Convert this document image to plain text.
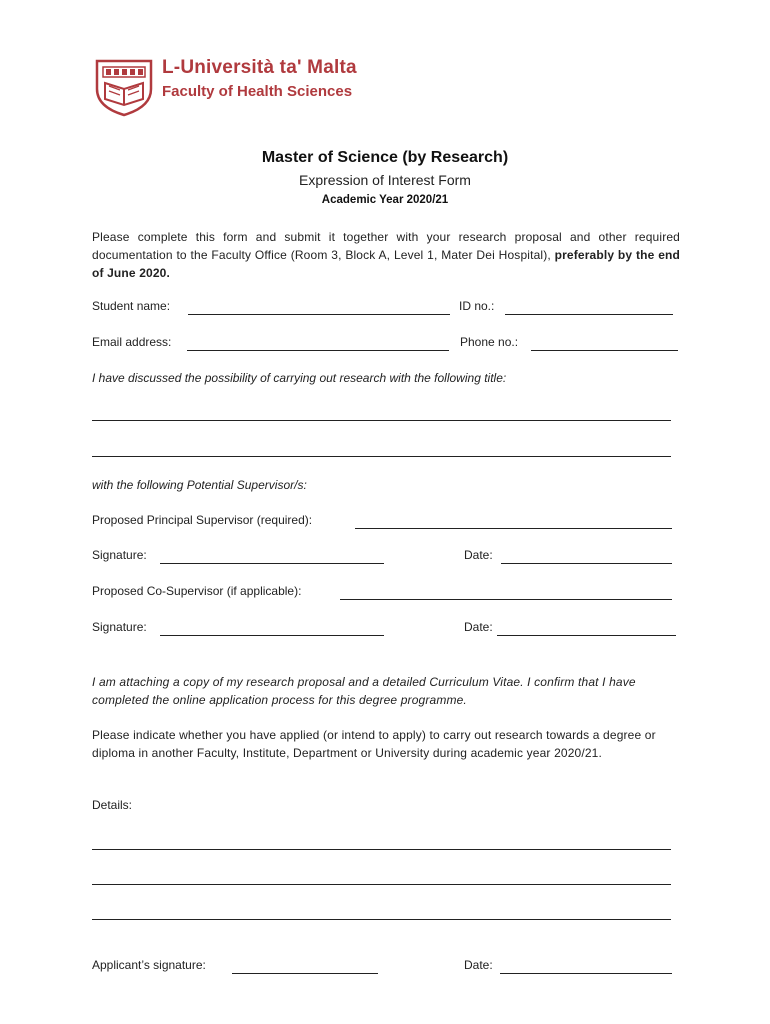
L-Università ta' Malta
Faculty of Health Sciences
Master of Science (by Research)
Expression of Interest Form
Academic Year 2020/21
Please complete this form and submit it together with your research proposal and other required documentation to the Faculty Office (Room 3, Block A, Level 1, Mater Dei Hospital), preferably by the end of June 2020.
Student name:	ID no.:
Email address:	Phone no.:
I have discussed the possibility of carrying out research with the following title:
with the following Potential Supervisor/s:
Proposed Principal Supervisor (required):
Signature:	Date:
Proposed Co-Supervisor (if applicable):
Signature:	Date:
I am attaching a copy of my research proposal and a detailed Curriculum Vitae. I confirm that I have completed the online application process for this degree programme.
Please indicate whether you have applied (or intend to apply) to carry out research towards a degree or diploma in another Faculty, Institute, Department or University during academic year 2020/21.
Details:
Applicant’s signature:	Date:
